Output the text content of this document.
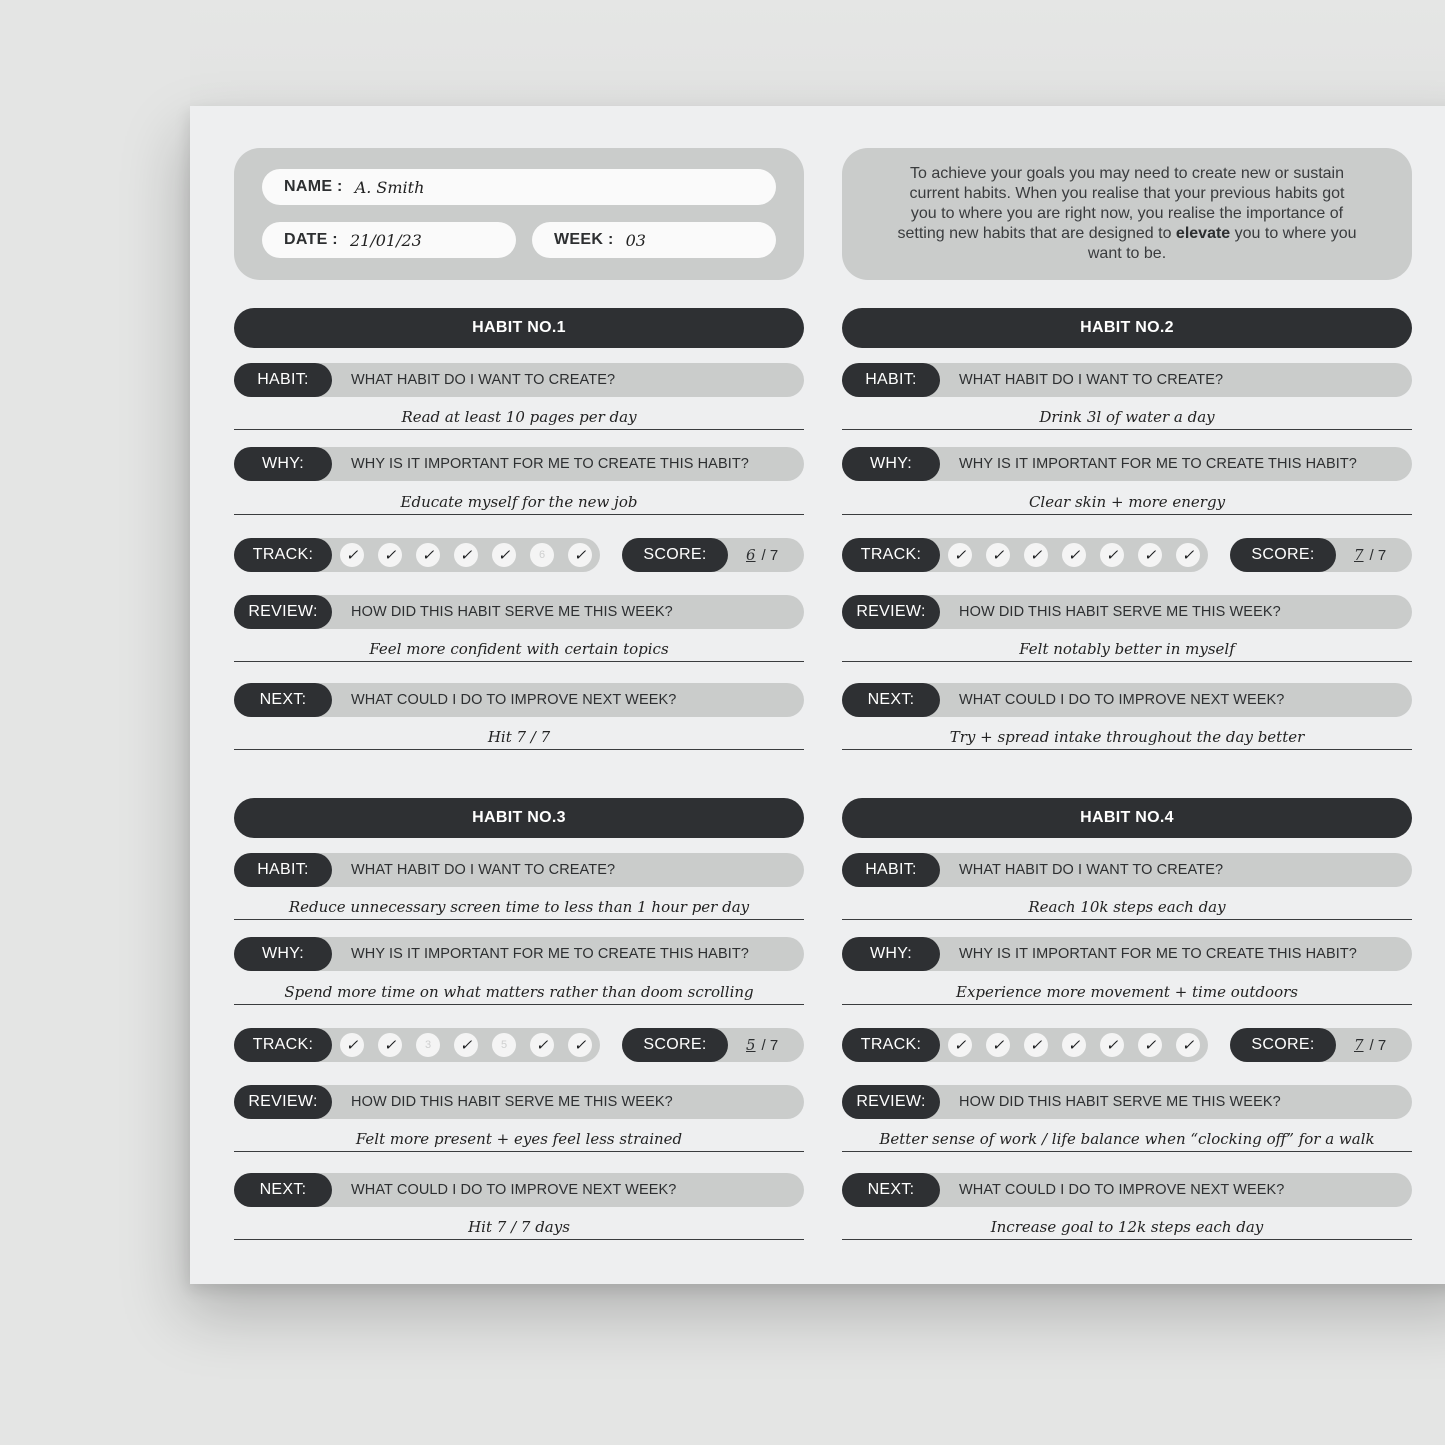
NAME : A. Smith
DATE : 21/01/23	WEEK : 03

To achieve your goals you may need to create new or sustain current habits. When you realise that your previous habits got you to where you are right now, you realise the importance of setting new habits that are designed to elevate you to where you want to be.

HABIT NO.1
HABIT:	WHAT HABIT DO I WANT TO CREATE?
Read at least 10 pages per day
WHY:	WHY IS IT IMPORTANT FOR ME TO CREATE THIS HABIT?
Educate myself for the new job
TRACK:	✓	✓	✓	✓	✓	6	✓	SCORE:	6 / 7
REVIEW:	HOW DID THIS HABIT SERVE ME THIS WEEK?
Feel more confident with certain topics
NEXT:	WHAT COULD I DO TO IMPROVE NEXT WEEK?
Hit 7 / 7
HABIT NO.2
HABIT:	WHAT HABIT DO I WANT TO CREATE?
Drink 3l of water a day
WHY:	WHY IS IT IMPORTANT FOR ME TO CREATE THIS HABIT?
Clear skin + more energy
TRACK:	✓	✓	✓	✓	✓	✓	✓	SCORE:	7 / 7
REVIEW:	HOW DID THIS HABIT SERVE ME THIS WEEK?
Felt notably better in myself
NEXT:	WHAT COULD I DO TO IMPROVE NEXT WEEK?
Try + spread intake throughout the day better
HABIT NO.3
HABIT:	WHAT HABIT DO I WANT TO CREATE?
Reduce unnecessary screen time to less than 1 hour per day
WHY:	WHY IS IT IMPORTANT FOR ME TO CREATE THIS HABIT?
Spend more time on what matters rather than doom scrolling
TRACK:	✓	✓	3	✓	5	✓	✓	SCORE:	5 / 7
REVIEW:	HOW DID THIS HABIT SERVE ME THIS WEEK?
Felt more present + eyes feel less strained
NEXT:	WHAT COULD I DO TO IMPROVE NEXT WEEK?
Hit 7 / 7 days
HABIT NO.4
HABIT:	WHAT HABIT DO I WANT TO CREATE?
Reach 10k steps each day
WHY:	WHY IS IT IMPORTANT FOR ME TO CREATE THIS HABIT?
Experience more movement + time outdoors
TRACK:	✓	✓	✓	✓	✓	✓	✓	SCORE:	7 / 7
REVIEW:	HOW DID THIS HABIT SERVE ME THIS WEEK?
Better sense of work / life balance when “clocking off” for a walk
NEXT:	WHAT COULD I DO TO IMPROVE NEXT WEEK?
Increase goal to 12k steps each day
